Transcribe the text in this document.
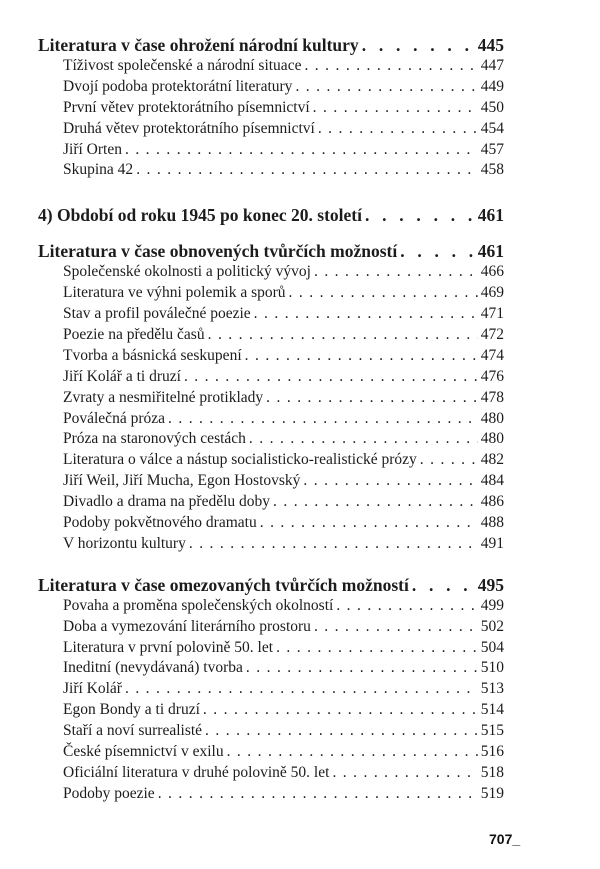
Literatura v čase ohrožení národní kultury . . .	445
Tíživost společenské a národní situace . . .	447
Dvojí podoba protektorátní literatury . . .	449
První větev protektorátního písemnictví . . .	450
Druhá větev protektorátního písemnictví . . .	454
Jiří Orten . . .	457
Skupina 42 . . .	458
4) Období od roku 1945 po konec 20. století . . .	461
Literatura v čase obnovených tvůrčích možností . . .	461
Společenské okolnosti a politický vývoj . . .	466
Literatura ve výhni polemik a sporů . . .	469
Stav a profil poválečné poezie . . .	471
Poezie na předělu časů . . .	472
Tvorba a básnická seskupení . . .	474
Jiří Kolář a ti druzí . . .	476
Zvraty a nesmiřitelné protiklady . . .	478
Poválečná próza . . .	480
Próza na staronových cestách . . .	480
Literatura o válce a nástup socialisticko-realistické prózy . . .	482
Jiří Weil, Jiří Mucha, Egon Hostovský . . .	484
Divadlo a drama na předělu doby . . .	486
Podoby pokvětnového dramatu . . .	488
V horizontu kultury . . .	491
Literatura v čase omezovaných tvůrčích možností . . .	495
Povaha a proměna společenských okolností . . .	499
Doba a vymezování literárního prostoru . . .	502
Literatura v první polovině 50. let . . .	504
Ineditní (nevydávaná) tvorba . . .	510
Jiří Kolář . . .	513
Egon Bondy a ti druzí . . .	514
Staří a noví surrealisté . . .	515
České písemnictví v exilu . . .	516
Oficiální literatura v druhé polovině 50. let . . .	518
Podoby poezie . . .	519
707_
